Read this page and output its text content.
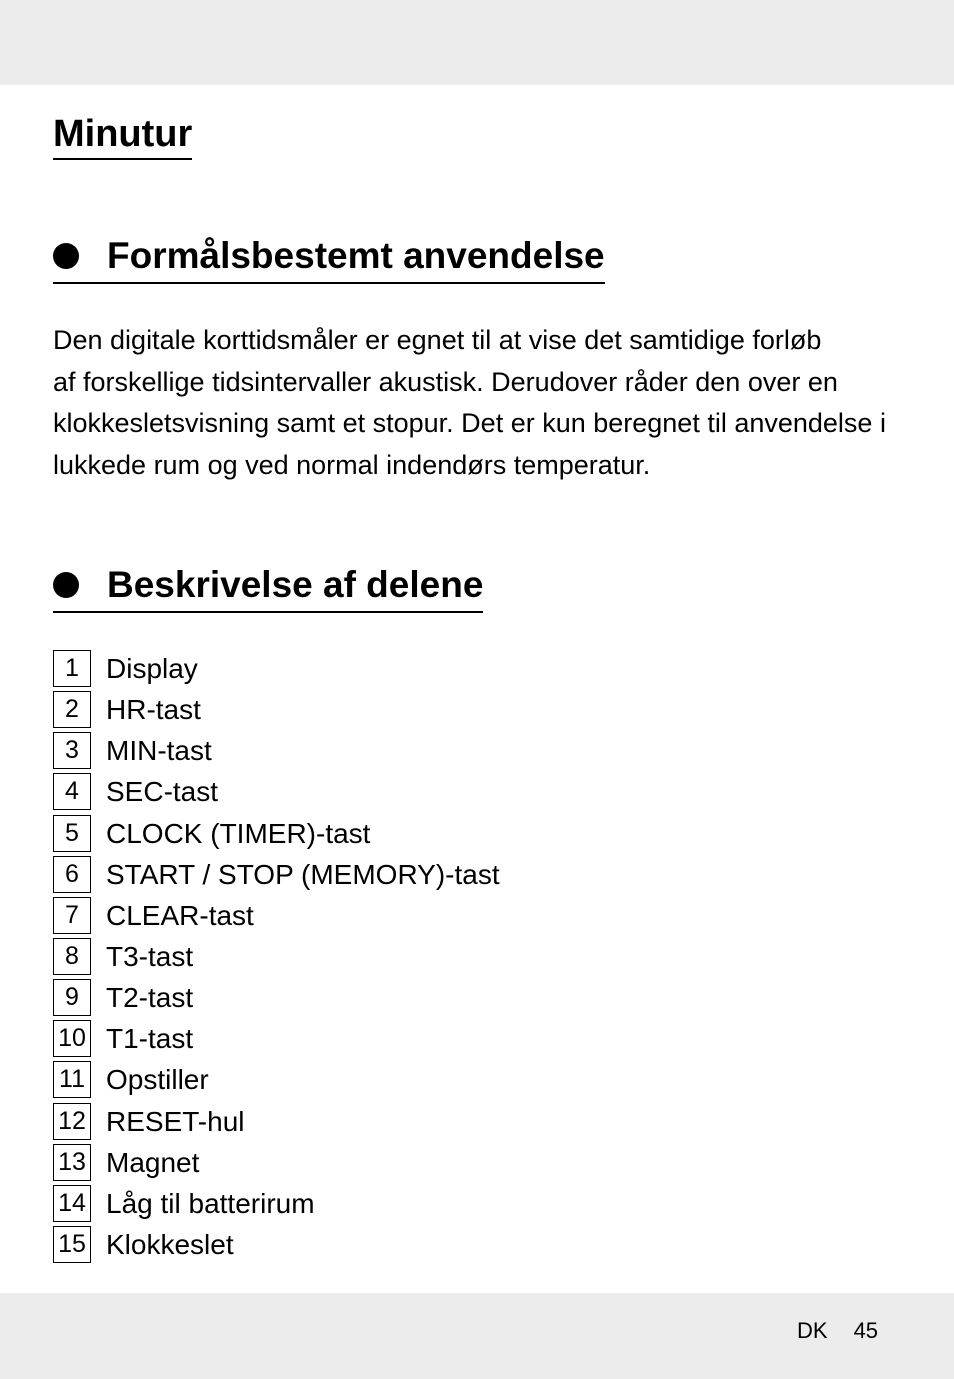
Minutur
Formålsbestemt anvendelse

Den digitale korttidsmåler er egnet til at vise det samtidige forløb
af forskellige tidsintervaller akustisk. Derudover råder den over en
klokkesletsvisning samt et stopur. Det er kun beregnet til anvendelse i
lukkede rum og ved normal indendørs temperatur.

Beskrivelse af delene
1 Display
2 HR-tast
3 MIN-tast
4 SEC-tast
5 CLOCK (TIMER)-tast
6 START / STOP (MEMORY)-tast
7 CLEAR-tast
8 T3-tast
9 T2-tast
10 T1-tast
11 Opstiller
12 RESET-hul
13 Magnet
14 Låg til batterirum
15 Klokkeslet
DK 45
